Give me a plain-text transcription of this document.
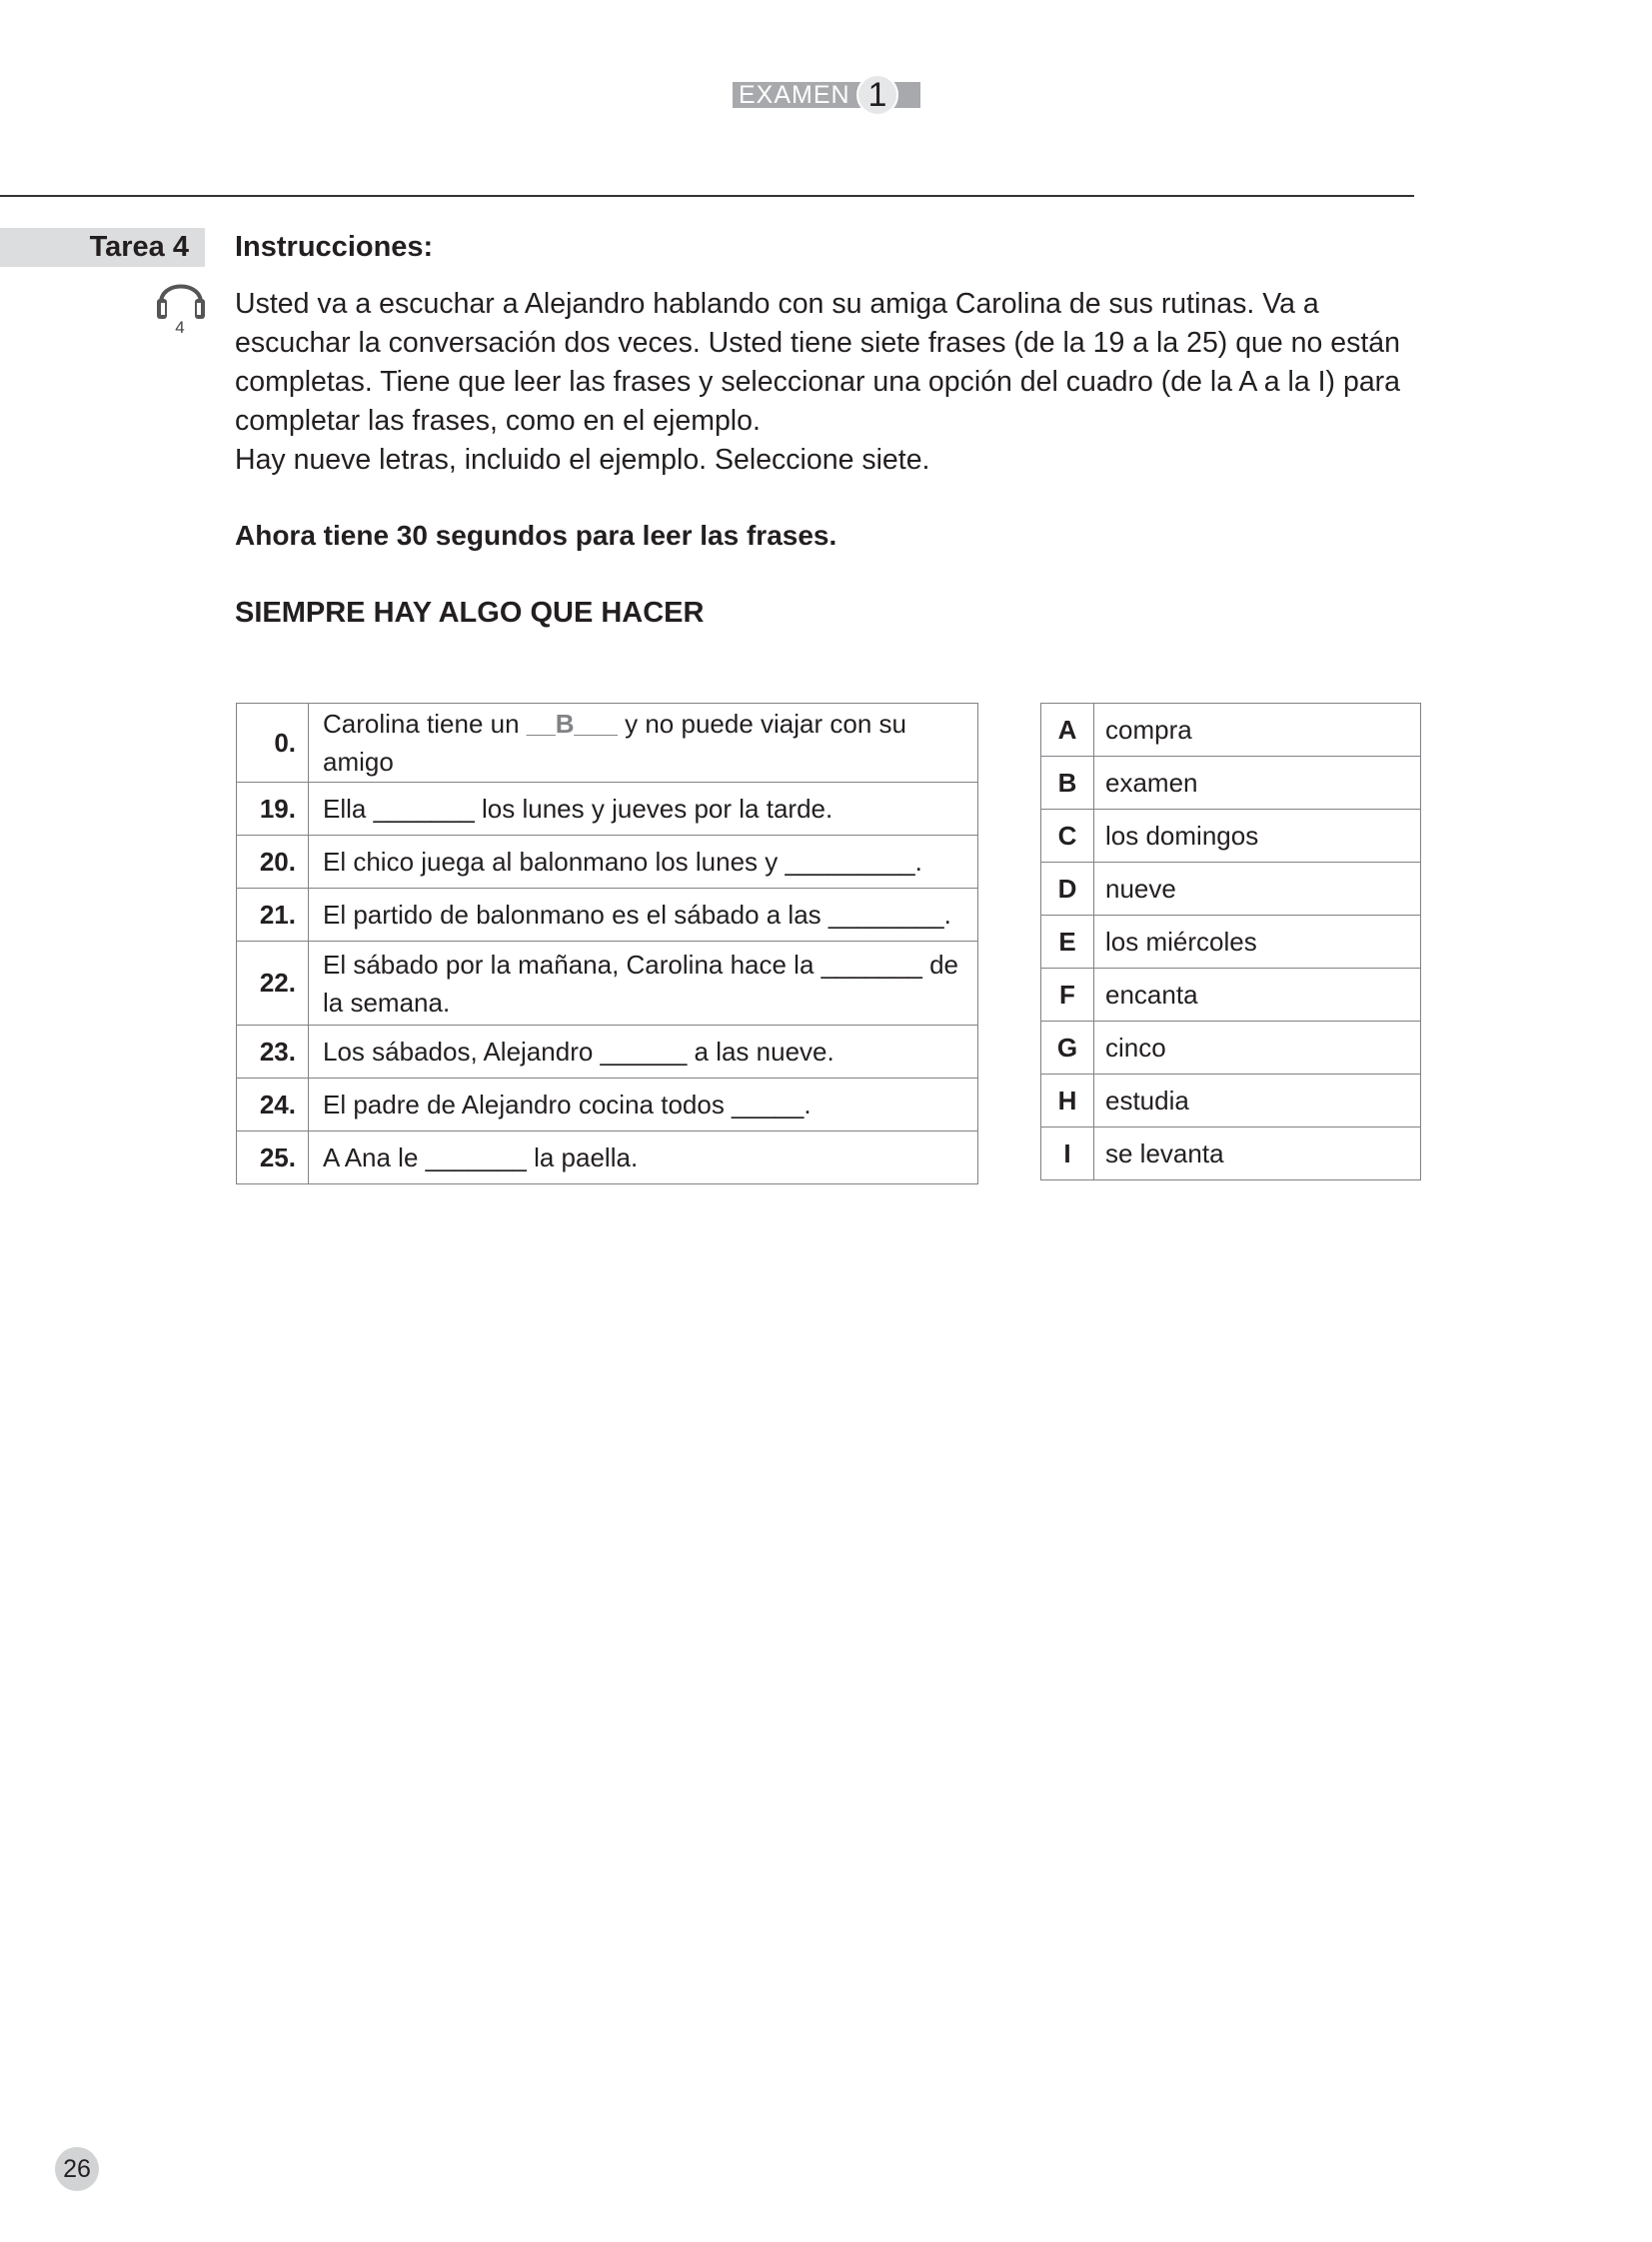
EXAMEN 1
Tarea 4
4
Instrucciones:

Usted va a escuchar a Alejandro hablando con su amiga Carolina de sus rutinas. Va a

escuchar la conversación dos veces. Usted tiene siete frases (de la 19 a la 25) que no están

completas. Tiene que leer las frases y seleccionar una opción del cuadro (de la A a la I) para

completar las frases, como en el ejemplo.

Hay nueve letras, incluido el ejemplo. Seleccione siete.

Ahora tiene 30 segundos para leer las frases.
SIEMPRE HAY ALGO QUE HACER
0.	Carolina tiene un __B___ y no puede viajar con su amigo
19.	Ella _______ los lunes y jueves por la tarde.
20.	El chico juega al balonmano los lunes y _________.
21.	El partido de balonmano es el sábado a las ________.
22.	El sábado por la mañana, Carolina hace la _______ de
la semana.

23.	Los sábados, Alejandro ______ a las nueve.
24.	El padre de Alejandro cocina todos _____.
25.	A Ana le _______ la paella.
A	compra
B	examen
C	los domingos
D	nueve
E	los miércoles
F	encanta
G	cinco
H	estudia
I	se levanta
26
